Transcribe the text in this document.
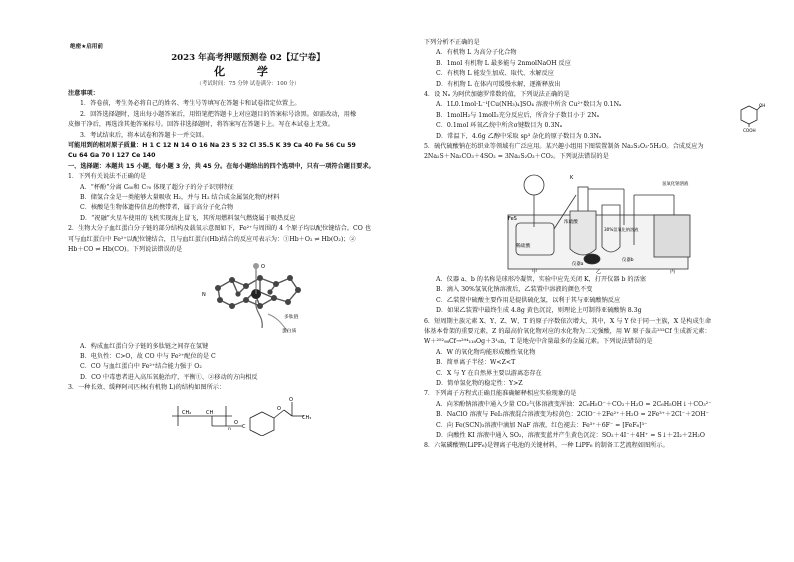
绝密★启用前
2023 年高考押题预测卷 02【辽宁卷】
化 学
（考试时间：75 分钟 试卷满分：100 分）
注意事项：
1．答卷前，考生务必将自己的姓名、考生号等填写在答题卡和试卷指定位置上。
2．回答选择题时，选出每小题答案后，用铅笔把答题卡上对应题目的答案标号涂黑。如需改动，用橡
皮擦干净后，再选涂其他答案标号。回答非选择题时，将答案写在答题卡上。写在本试卷上无效。
3．考试结束后，将本试卷和答题卡一并交回。
可能用到的相对原子质量：H 1 C 12 N 14 O 16 Na 23 S 32 Cl 35.5 K 39 Ca 40 Fe 56 Cu 59
Cu 64 Ga 70 I 127 Ce 140
一、选择题：本题共 15 小题，每小题 3 分，共 45 分。在每小题给出的四个选项中，只有一项符合题目要求。
1．下列有关说法不正确的是
A．“杯酚”分离 C₆₀和 C₇₀ 体现了超分子的分子识别特征
B．储氢合金是一类能够大量吸收 H₂，并与 H₂ 结合成金属氢化物的材料
C．核酸是生物体遗传信息的携带者，属于高分子化合物
D．“祝融”火星车使用的飞机实现海上冒飞，其所用燃料氢气燃烧属于吸热反应
2．生物大分子血红蛋白分子链的部分结构及载氧示意图如下，Fe²⁺与周围的 4 个原子均以配位键结合。CO 也
可与血红蛋白中 Fe²⁺以配位键结合，且与血红蛋白(Hb)结合的反应可表示为：①Hb＋O₂ ⇌ Hb(O₂)；②
Hb＋CO ⇌ Hb(CO)。下列说法错误的是
O
Fe
N
多肽链
蛋白质
A．构成血红蛋白分子链的多肽链之间存在氢键
B．电负性：C>O，故 CO 中与 Fe²⁺配位的是 C
C．CO 与血红蛋白中 Fe²⁺结合能力强于 O₂
D．CO 中毒患者进入高压氧舱治疗，平衡①、②移动的方向相反
3．一种长效、缓释阿司匹林(有机物 L)的结构如图所示：
CH₂	CH
n
O
C
O
O
CH₃
下列分析不正确的是
A．有机物 L 为高分子化合物
B．1mol 有机物 L 最多能与 2nmolNaOH 反应
C．有机物 L 能发生加成、取代、水解反应
D．有机物 L 在体内可缓慢水解，逐渐释放出
OH
COOH
4．设 Nₐ 为阿伏加德罗常数的值，下列说法正确的是
A．1L0.1mol·L⁻¹[Cu(NH₃)₄]SO₄ 溶液中所含 Cu²⁺数目为 0.1Nₐ
B．1molH₂与 1molI₂充分反应后，所含分子数目小于 2Nₐ
C．0.1mol 环氧乙烷中所含σ键数目为 0.3Nₐ
D．常温下，4.6g 乙醇中采取 sp³ 杂化的原子数目为 0.3Nₐ
5．硫代硫酸钠在纺织业等领域有广泛应用。某兴趣小组用下图装置制备 Na₂S₂O₃·5H₂O。合成反应为
2Na₂S＋Na₂CO₃＋4SO₂ = 3Na₂S₂O₃＋CO₂。下列说法错误的是
FeS
稀硫酸
K
浓硫酸
30%氢氧化钠溶液
氢氧化钠溶液
甲	乙	丙
仪器a
仪器b
A．仪器 a、b 的名称是球形冷凝管，实验中应先关闭 K，打开仪器 b 的活塞
B．滴入 30%氢氧化钠溶液后，乙装置中溶液的颜色不变
C．乙装置中硫酸主要作用是提供硫化氢，以利于其与亚硫酸钠反应
D．如果乙装置中最终生成 4.8g 黄色沉淀，则理论上可制得亚硫酸钠 8.3g
6．短周期主族元素 X、Y、Z、W、T 的原子序数依次增大，其中，X 与 Y 位于同一主族，X 是构成生命
体基本骨架的重要元素，Z 的最高价氧化物对应的水化物为二元强酸，用 W 原子轰击²⁵²Cf 生成新元素：
W＋²⁵²₉₈Cf→²⁹⁴₁₁₈Og＋3¹₀n，T 是地壳中含量最多的金属元素。下列说法错误的是
A．W 的氧化物均能形成酸性氧化物
B．简单离子半径：W<Z<T
C．X 与 Y 在自然界主要以游离态存在
D．简单氢化物的稳定性：Y>Z
7．下列离子方程式正确且能准确解释相应实验现象的是
A．向苯酚钠溶液中通入少量 CO₂气体溶液变浑浊：2C₆H₅O⁻＋CO₂＋H₂O = 2C₆H₅OH↓＋CO₃²⁻
B．NaClO 溶液与 FeI₂溶液混合溶液变为棕黄色：2ClO⁻＋2Fe²⁺＋H₂O = 2Fe³⁺＋2Cl⁻＋2OH⁻
C．向 Fe(SCN)₃溶液中滴加 NaF 溶液，红色褪去：Fe³⁺＋6F⁻ = [FeF₆]³⁻
D．向酸性 KI 溶液中通入 SO₂，溶液变蓝并产生黄色沉淀：SO₂＋4I⁻＋4H⁺ = S↓＋2I₂＋2H₂O
8．六氟磷酸锂(LiPF₆)是锂离子电池的关键材料，一种 LiPF₆ 的制备工艺流程如图所示。
